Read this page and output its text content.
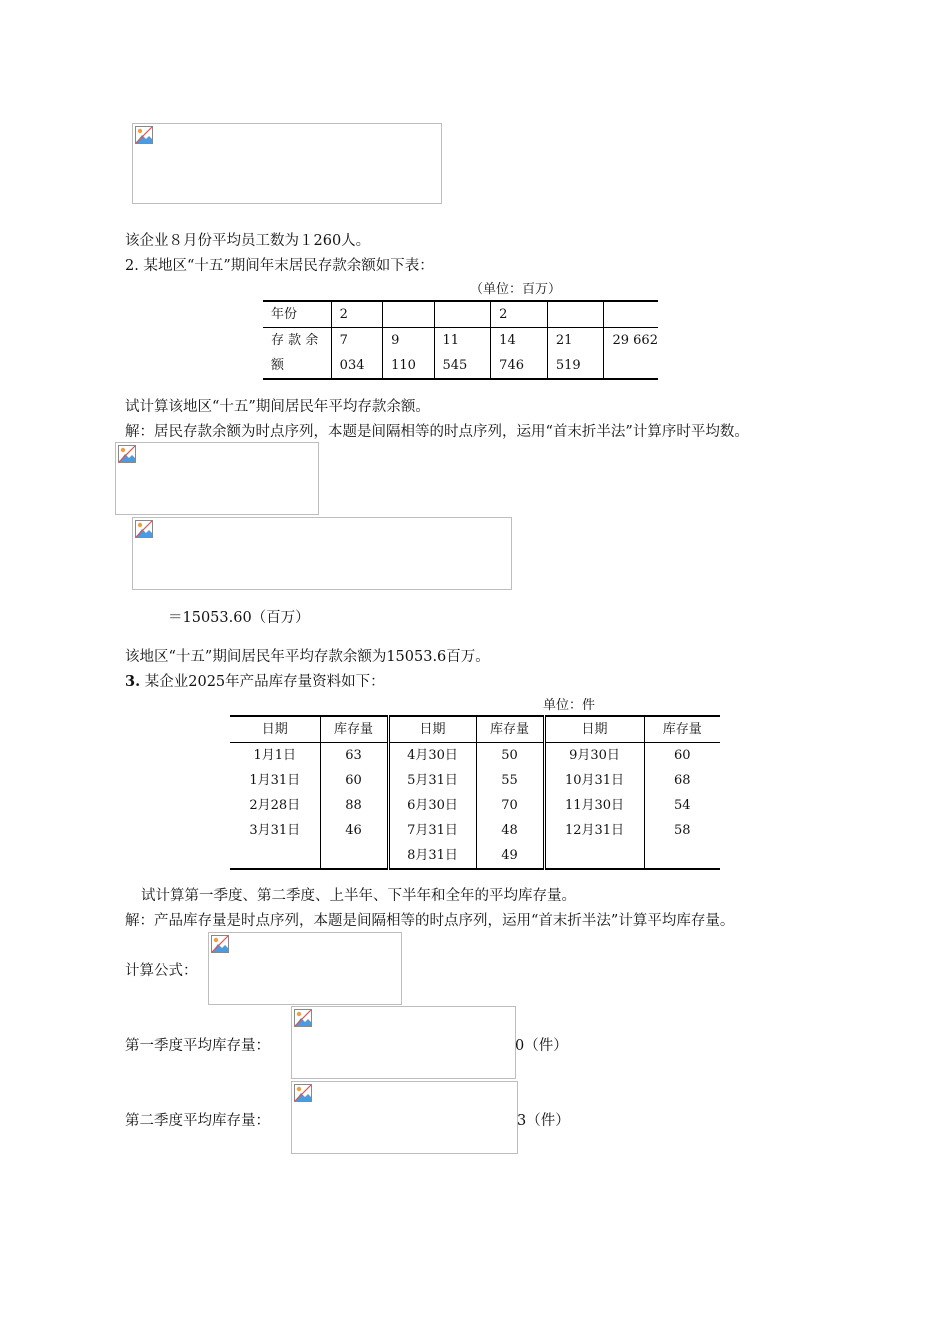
该企业８月份平均员工数为１260人。
2. 某地区“十五”期间年末居民存款余额如下表：
（单位：百万）
年份	2			2		
存 款 余	7	9	11	14	21	29 662
额	034	110	545	746	519	
试计算该地区“十五”期间居民年平均存款余额。
解：居民存款余额为时点序列，本题是间隔相等的时点序列，运用“首末折半法”计算序时平均数。
＝15053.60（百万）
该地区“十五”期间居民年平均存款余额为15053.6百万。
3. 某企业2025年产品库存量资料如下：
单位：件
日期	库存量	日期	库存量	日期	库存量
1月1日	63	4月30日	50	9月30日	60
1月31日	60	5月31日	55	10月31日	68
2月28日	88	6月30日	70	11月30日	54
3月31日	46	7月31日	48	12月31日	58
		8月31日	49		
试计算第一季度、第二季度、上半年、下半年和全年的平均库存量。
解：产品库存量是时点序列，本题是间隔相等的时点序列，运用“首末折半法”计算平均库存量。
计算公式：
第一季度平均库存量：	0（件）
第二季度平均库存量：	3（件）
